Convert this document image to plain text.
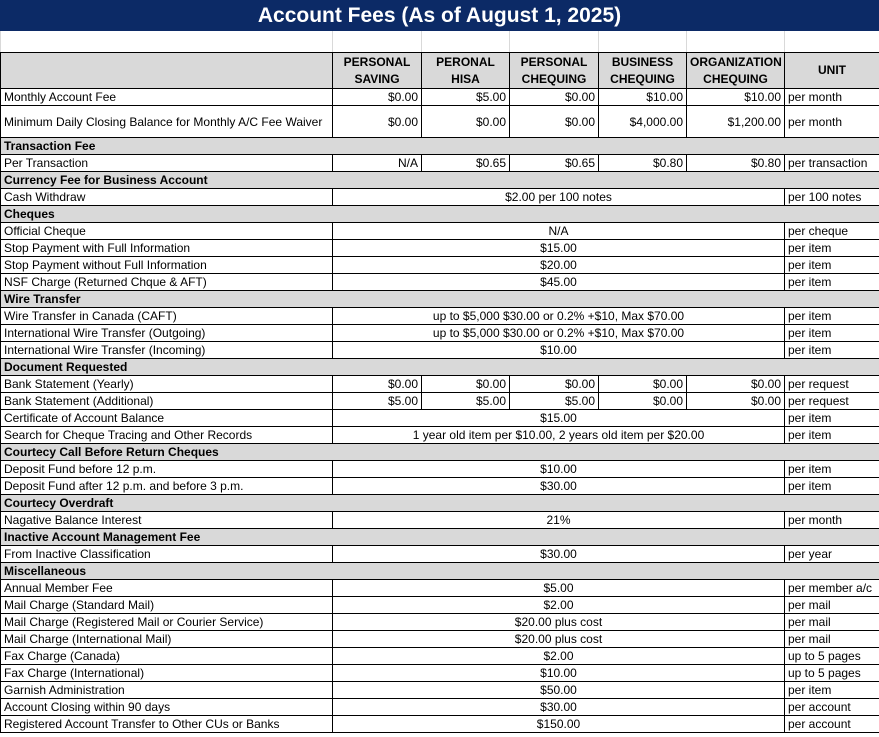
Account Fees (As of August 1, 2025)

	PERSONAL SAVING	PERONAL HISA	PERSONAL CHEQUING	BUSINESS CHEQUING	ORGANIZATION CHEQUING	UNIT
Monthly Account Fee	$0.00	$5.00	$0.00	$10.00	$10.00	per month
Minimum Daily Closing Balance for Monthly A/C Fee Waiver	$0.00	$0.00	$0.00	$4,000.00	$1,200.00	per month
Transaction Fee						
Per Transaction	N/A	$0.65	$0.65	$0.80	$0.80	per transaction
Currency Fee for Business Account						
Cash Withdraw	$2.00 per 100 notes					per 100 notes
Cheques						
Official Cheque	N/A					per cheque
Stop Payment with Full Information	$15.00					per item
Stop Payment without Full Information	$20.00					per item
NSF Charge (Returned Chque & AFT)	$45.00					per item
Wire Transfer						
Wire Transfer in Canada (CAFT)	up to $5,000 $30.00 or 0.2% +$10, Max $70.00					per item
International Wire Transfer (Outgoing)	up to $5,000 $30.00 or 0.2% +$10, Max $70.00					per item
International Wire Transfer (Incoming)	$10.00					per item
Document Requested						
Bank Statement (Yearly)	$0.00	$0.00	$0.00	$0.00	$0.00	per request
Bank Statement (Additional)	$5.00	$5.00	$5.00	$0.00	$0.00	per request
Certificate of Account Balance	$15.00					per item
Search for Cheque Tracing and Other Records	1 year old item per $10.00, 2 years old item per $20.00					per item
Courtecy Call Before Return Cheques						
Deposit Fund before 12 p.m.	$10.00					per item
Deposit Fund after 12 p.m. and before 3 p.m.	$30.00					per item
Courtecy Overdraft						
Nagative Balance Interest	21%					per month
Inactive Account Management Fee						
From Inactive Classification	$30.00					per year
Miscellaneous						
Annual Member Fee	$5.00					per member a/c
Mail Charge (Standard Mail)	$2.00					per mail
Mail Charge (Registered Mail or Courier Service)	$20.00 plus cost					per mail
Mail Charge (International Mail)	$20.00 plus cost					per mail
Fax Charge (Canada)	$2.00					up to 5 pages
Fax Charge (International)	$10.00					up to 5 pages
Garnish Administration	$50.00					per item
Account Closing within 90 days	$30.00					per account
Registered Account Transfer to Other CUs or Banks	$150.00					per account
